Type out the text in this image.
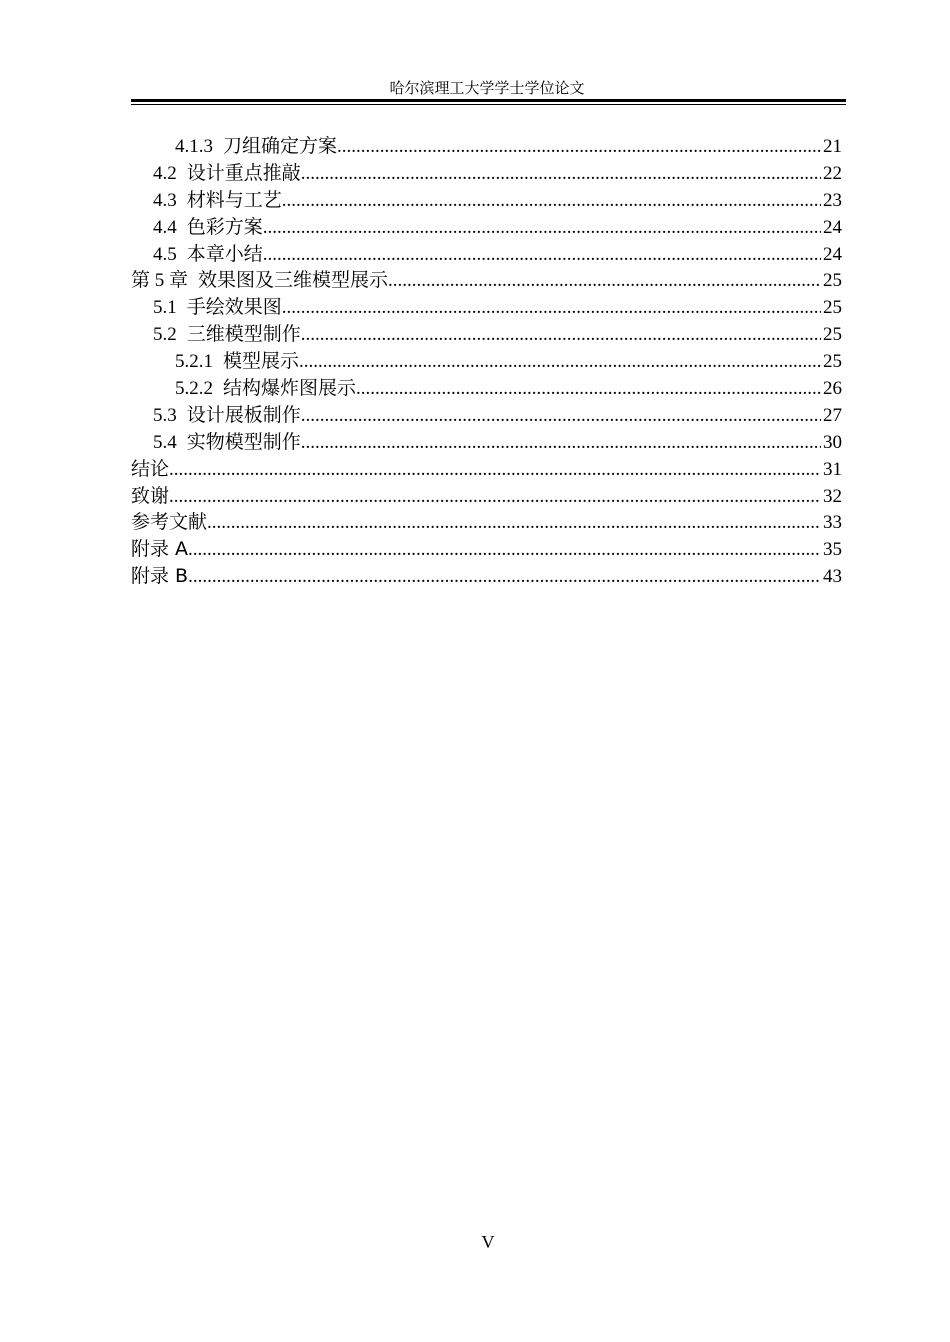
哈尔滨理工大学学士学位论文
4.1.3 刀组确定方案 .....	21
4.2 设计重点推敲 .....	22
4.3 材料与工艺 .....	23
4.4 色彩方案 .....	24
4.5 本章小结 .....	24
第 5 章 效果图及三维模型展示 .....	25
5.1 手绘效果图 .....	25
5.2 三维模型制作 .....	25
5.2.1 模型展示 .....	25
5.2.2 结构爆炸图展示 .....	26
5.3 设计展板制作 .....	27
5.4 实物模型制作 .....	30
结论 .....	31
致谢 .....	32
参考文献 .....	33
附录 A .....	35
附录 B .....	43
V
